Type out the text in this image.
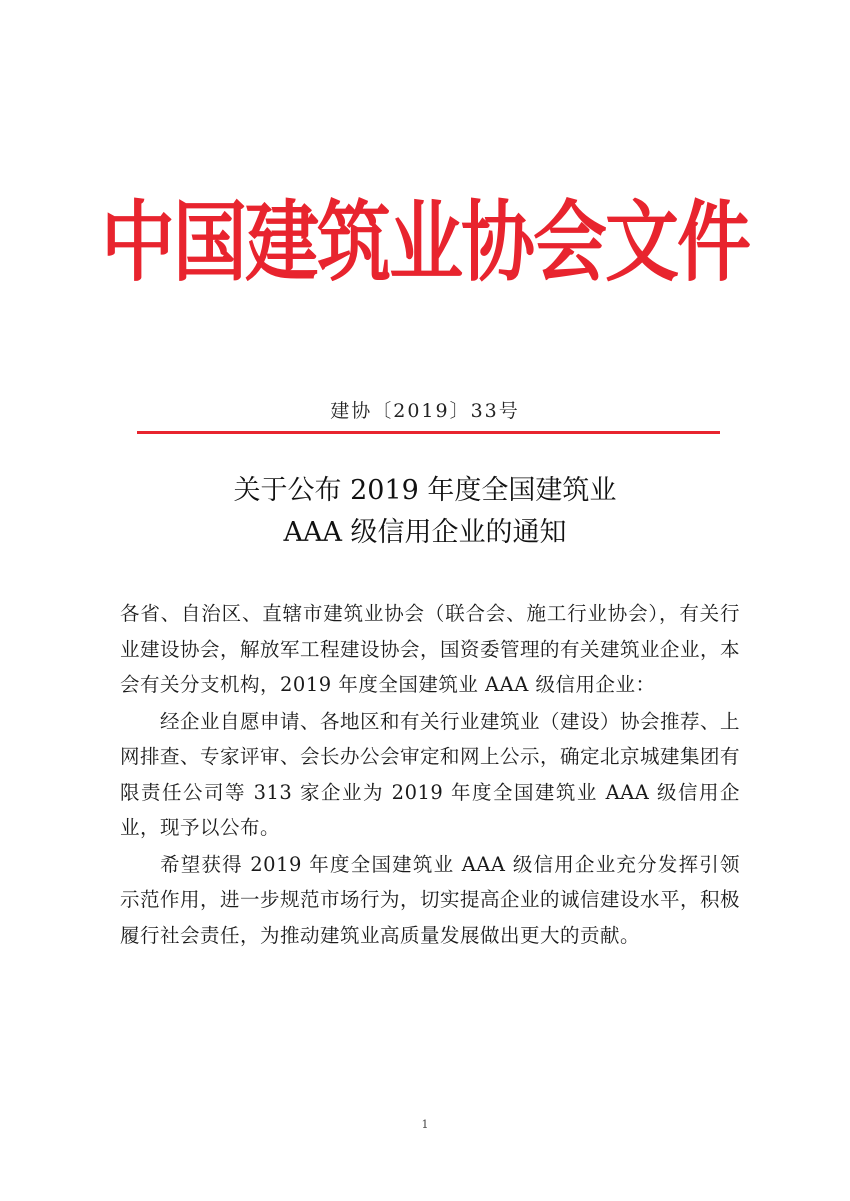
中国建筑业协会文件
建协〔2019〕33号
关于公布 2019 年度全国建筑业
AAA 级信用企业的通知

各省、自治区、直辖市建筑业协会（联合会、施工行业协会），有关行业建设协会，解放军工程建设协会，国资委管理的有关建筑业企业，本会有关分支机构，2019 年度全国建筑业 AAA 级信用企业：

经企业自愿申请、各地区和有关行业建筑业（建设）协会推荐、上网排查、专家评审、会长办公会审定和网上公示，确定北京城建集团有限责任公司等 313 家企业为 2019 年度全国建筑业 AAA 级信用企业，现予以公布。

希望获得 2019 年度全国建筑业 AAA 级信用企业充分发挥引领示范作用，进一步规范市场行为，切实提高企业的诚信建设水平，积极履行社会责任，为推动建筑业高质量发展做出更大的贡献。

1
